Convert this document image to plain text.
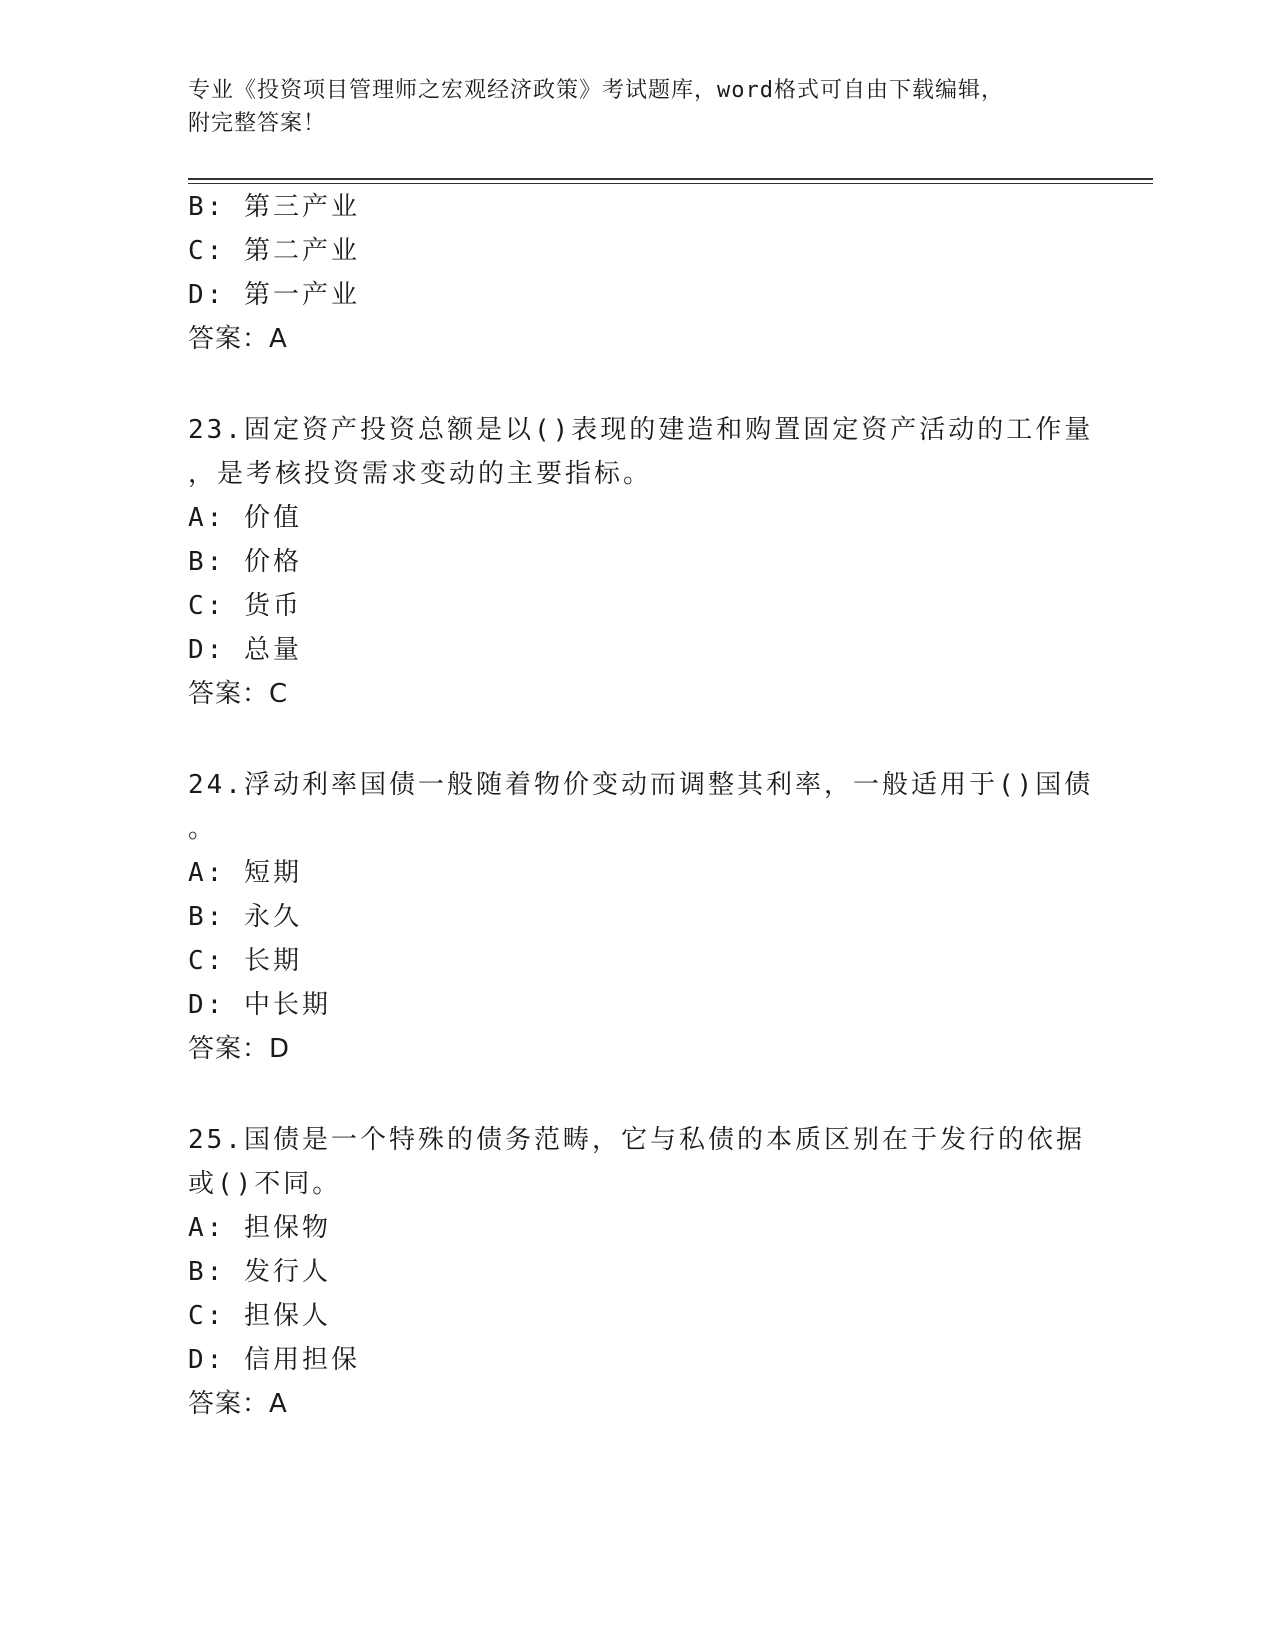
专业《投资项目管理师之宏观经济政策》考试题库，word格式可自由下载编辑，
附完整答案！
B: 第三产业
C: 第二产业
D: 第一产业
答案：A
23.固定资产投资总额是以()表现的建造和购置固定资产活动的工作量
，是考核投资需求变动的主要指标。
A: 价值
B: 价格
C: 货币
D: 总量
答案：C
24.浮动利率国债一般随着物价变动而调整其利率，一般适用于()国债
。
A: 短期
B: 永久
C: 长期
D: 中长期
答案：D
25.国债是一个特殊的债务范畴，它与私债的本质区别在于发行的依据
或()不同。
A: 担保物
B: 发行人
C: 担保人
D: 信用担保
答案：A
